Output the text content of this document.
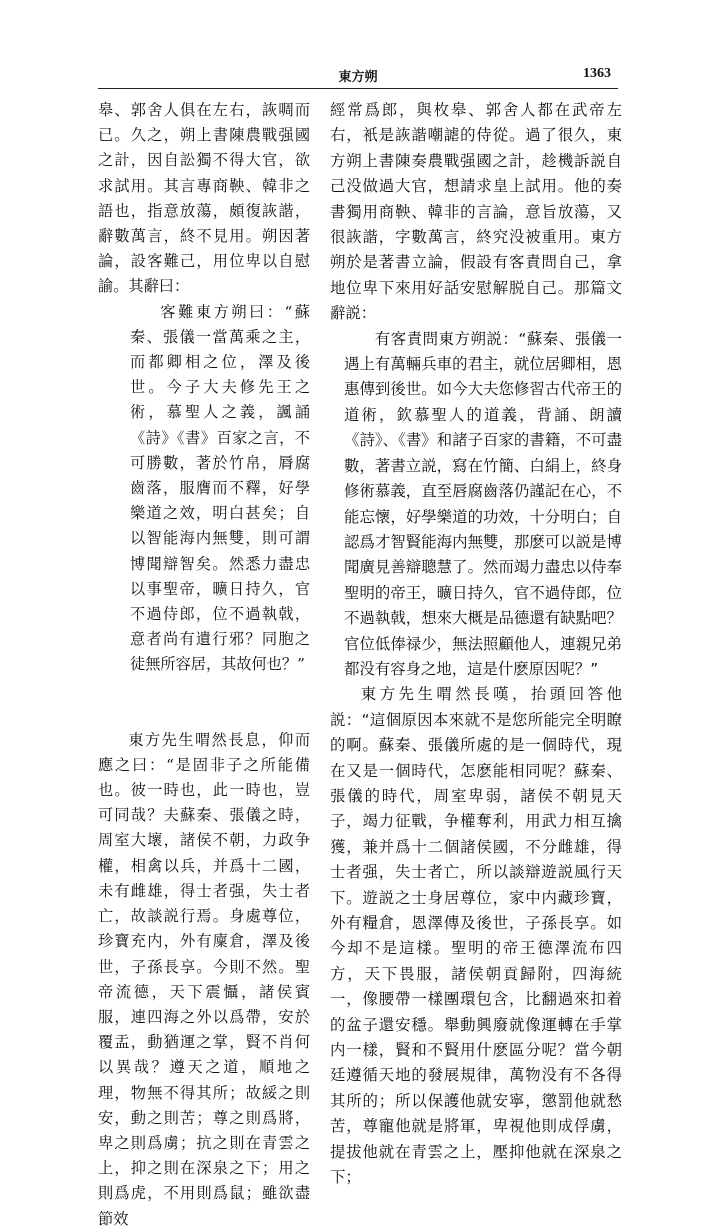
東方朔	1363

皋、郭舍人俱在左右，詼啁而已。久之，朔上書陳農戰强國之計，因自訟獨不得大官，欲求試用。其言專商鞅、韓非之語也，指意放蕩，頗復詼諧，辭數萬言，終不見用。朔因著論，設客難己，用位卑以自慰諭。其辭曰：

客難東方朔曰：“蘇秦、張儀一當萬乘之主，而都卿相之位，澤及後世。今子大夫修先王之術，慕聖人之義，諷誦《詩》《書》百家之言，不可勝數，著於竹帛，脣腐齒落，服膺而不釋，好學樂道之效，明白甚矣；自以智能海内無雙，則可謂博聞辯智矣。然悉力盡忠以事聖帝，曠日持久，官不過侍郎，位不過執戟，意者尚有遺行邪？同胞之徒無所容居，其故何也？”

東方先生喟然長息，仰而應之曰：“是固非子之所能備也。彼一時也，此一時也，豈可同哉？夫蘇秦、張儀之時，周室大壞，諸侯不朝，力政争權，相禽以兵，并爲十二國，未有雌雄，得士者强，失士者亡，故談説行焉。身處尊位，珍寶充内，外有廩倉，澤及後世，子孫長享。今則不然。聖帝流德，天下震懾，諸侯賓服，連四海之外以爲帶，安於覆盂，動猶運之掌，賢不肖何以異哉？遵天之道，順地之理，物無不得其所；故綏之則安，動之則苦；尊之則爲將，卑之則爲虜；抗之則在青雲之上，抑之則在深泉之下；用之則爲虎，不用則爲鼠；雖欲盡節效

經常爲郎，與枚皋、郭舍人都在武帝左右，衹是詼諧嘲謔的侍從。過了很久，東方朔上書陳奏農戰强國之計，趁機訴説自己没做過大官，想請求皇上試用。他的奏書獨用商鞅、韓非的言論，意旨放蕩，又很詼諧，字數萬言，終究没被重用。東方朔於是著書立論，假設有客責問自己，拿地位卑下來用好話安慰解脱自己。那篇文辭説：

有客責問東方朔説：“蘇秦、張儀一遇上有萬輛兵車的君主，就位居卿相，恩惠傳到後世。如今大夫您修習古代帝王的道術，欽慕聖人的道義，背誦、朗讀《詩》、《書》和諸子百家的書籍，不可盡數，著書立説，寫在竹簡、白絹上，終身修術慕義，直至唇腐齒落仍謹記在心，不能忘懷，好學樂道的功效，十分明白；自認爲才智賢能海内無雙，那麽可以説是博聞廣見善辯聰慧了。然而竭力盡忠以侍奉聖明的帝王，曠日持久，官不過侍郎，位不過執戟，想來大概是品德還有缺點吧？官位低俸禄少，無法照顧他人，連親兄弟都没有容身之地，這是什麽原因呢？”

東方先生喟然長嘆，抬頭回答他説：“這個原因本來就不是您所能完全明瞭的啊。蘇秦、張儀所處的是一個時代，現在又是一個時代，怎麽能相同呢？蘇秦、張儀的時代，周室卑弱，諸侯不朝見天子，竭力征戰，争權奪利，用武力相互擒獲，兼并爲十二個諸侯國，不分雌雄，得士者强，失士者亡，所以談辯遊説風行天下。遊説之士身居尊位，家中内藏珍寶，外有糧倉，恩澤傳及後世，子孫長享。如今却不是這樣。聖明的帝王德澤流布四方，天下畏服，諸侯朝貢歸附，四海統一，像腰帶一樣團環包含，比翻過來扣着的盆子還安穩。舉動興廢就像運轉在手掌内一樣，賢和不賢用什麽區分呢？當今朝廷遵循天地的發展規律，萬物没有不各得其所的；所以保護他就安寧，懲罰他就愁苦，尊寵他就是將軍，卑視他則成俘虜，提拔他就在青雲之上，壓抑他就在深泉之下；
